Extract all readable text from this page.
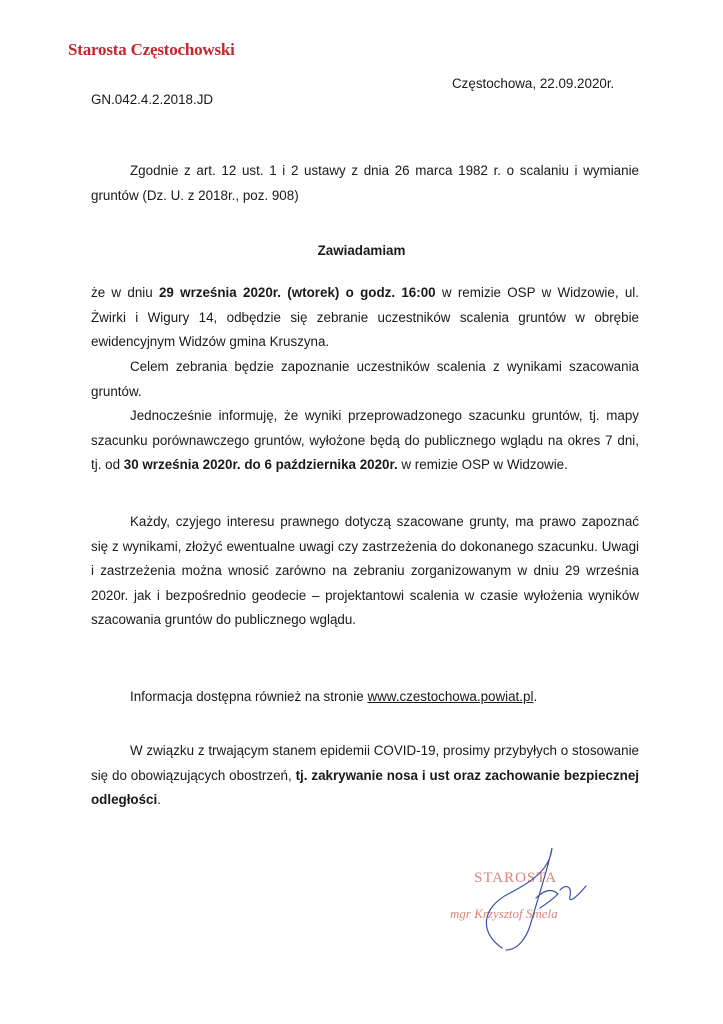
Starosta Częstochowski
Częstochowa, 22.09.2020r.
GN.042.4.2.2018.JD
Zgodnie z art. 12 ust. 1 i 2 ustawy z dnia 26 marca 1982 r. o scalaniu i wymianie gruntów (Dz. U. z 2018r., poz. 908)
Zawiadamiam
że w dniu 29 września 2020r. (wtorek) o godz. 16:00 w remizie OSP w Widzowie, ul. Żwirki i Wigury 14, odbędzie się zebranie uczestników scalenia gruntów w obrębie ewidencyjnym Widzów gmina Kruszyna.
Celem zebrania będzie zapoznanie uczestników scalenia z wynikami szacowania gruntów.
Jednocześnie informuję, że wyniki przeprowadzonego szacunku gruntów, tj. mapy szacunku porównawczego gruntów, wyłożone będą do publicznego wglądu na okres 7 dni, tj. od 30 września 2020r. do 6 października 2020r. w remizie OSP w Widzowie.
Każdy, czyjego interesu prawnego dotyczą szacowane grunty, ma prawo zapoznać się z wynikami, złożyć ewentualne uwagi czy zastrzeżenia do dokonanego szacunku. Uwagi i zastrzeżenia można wnosić zarówno na zebraniu zorganizowanym w dniu 29 września 2020r. jak i bezpośrednio geodecie – projektantowi scalenia w czasie wyłożenia wyników szacowania gruntów do publicznego wglądu.
Informacja dostępna również na stronie www.czestochowa.powiat.pl.
W związku z trwającym stanem epidemii COVID-19, prosimy przybyłych o stosowanie się do obowiązujących obostrzeń, tj. zakrywanie nosa i ust oraz zachowanie bezpiecznej odległości.
STAROSTA
mgr Krzysztof Smela
